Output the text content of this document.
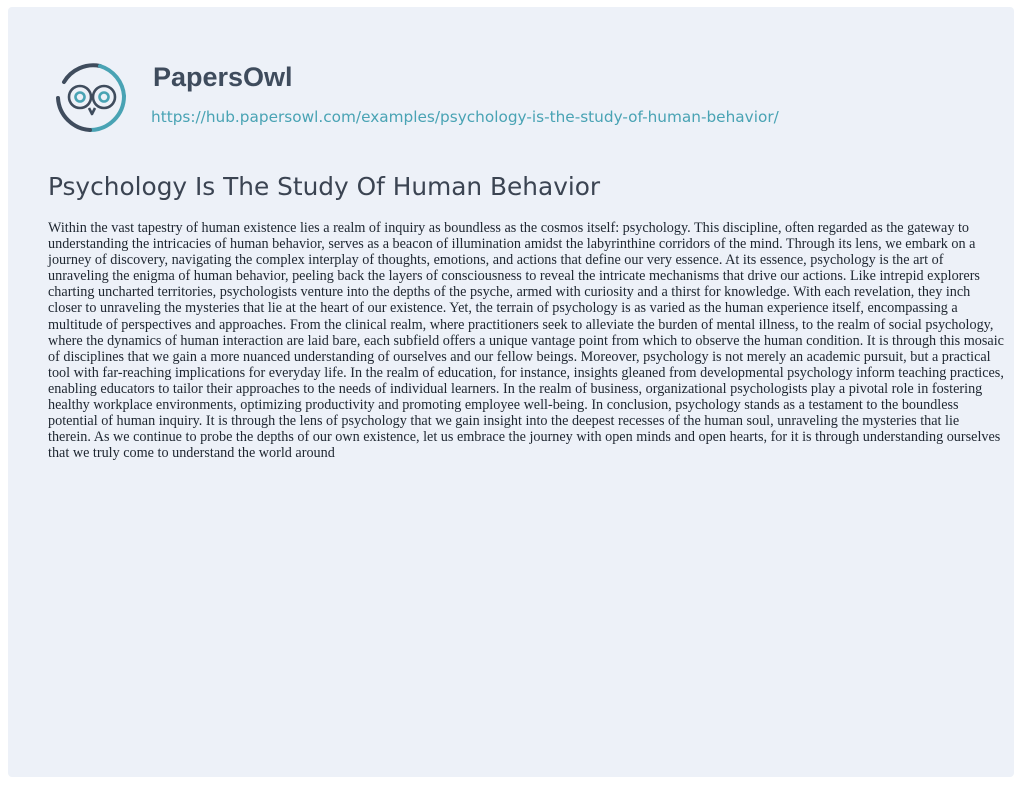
PapersOwl
https://hub.papersowl.com/examples/psychology-is-the-study-of-human-behavior/
Psychology Is The Study Of Human Behavior

Within the vast tapestry of human existence lies a realm of inquiry as boundless as the cosmos itself: psychology. This discipline, often regarded as the gateway to understanding the intricacies of human behavior, serves as a beacon of illumination amidst the labyrinthine corridors of the mind. Through its lens, we embark on a journey of discovery, navigating the complex interplay of thoughts, emotions, and actions that define our very essence. At its essence, psychology is the art of unraveling the enigma of human behavior, peeling back the layers of consciousness to reveal the intricate mechanisms that drive our actions. Like intrepid explorers charting uncharted territories, psychologists venture into the depths of the psyche, armed with curiosity and a thirst for knowledge. With each revelation, they inch closer to unraveling the mysteries that lie at the heart of our existence. Yet, the terrain of psychology is as varied as the human experience itself, encompassing a multitude of perspectives and approaches. From the clinical realm, where practitioners seek to alleviate the burden of mental illness, to the realm of social psychology, where the dynamics of human interaction are laid bare, each subfield offers a unique vantage point from which to observe the human condition. It is through this mosaic of disciplines that we gain a more nuanced understanding of ourselves and our fellow beings. Moreover, psychology is not merely an academic pursuit, but a practical tool with far-reaching implications for everyday life. In the realm of education, for instance, insights gleaned from developmental psychology inform teaching practices, enabling educators to tailor their approaches to the needs of individual learners. In the realm of business, organizational psychologists play a pivotal role in fostering healthy workplace environments, optimizing productivity and promoting employee well-being. In conclusion, psychology stands as a testament to the boundless potential of human inquiry. It is through the lens of psychology that we gain insight into the deepest recesses of the human soul, unraveling the mysteries that lie therein. As we continue to probe the depths of our own existence, let us embrace the journey with open minds and open hearts, for it is through understanding ourselves that we truly come to understand the world around
